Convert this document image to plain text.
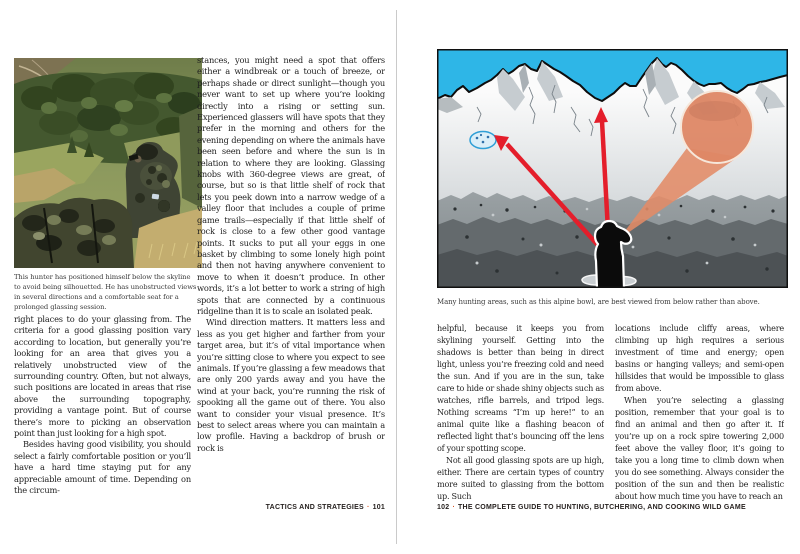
This hunter has positioned himself below the skyline to avoid being silhouetted. He has unobstructed views in several directions and a comfortable seat for a prolonged glassing session.

right places to do your glassing from. The criteria for a good glassing position vary according to location, but generally you’re looking for an area that gives you a relatively unobstructed view of the surrounding country. Often, but not always, such positions are located in areas that rise above the surrounding topography, providing a vantage point. But of course there’s more to picking an observation point than just looking for a high spot.

Besides having good visibility, you should select a fairly comfortable position or you’ll have a hard time staying put for any appreciable amount of time. Depending on the circum-

stances, you might need a spot that offers either a windbreak or a touch of breeze, or perhaps shade or direct sunlight—though you never want to set up where you’re looking directly into a rising or setting sun. Experienced glassers will have spots that they prefer in the morning and others for the evening depending on where the animals have been seen before and where the sun is in relation to where they are looking. Glassing knobs with 360-degree views are great, of course, but so is that little shelf of rock that lets you peek down into a narrow wedge of a valley floor that includes a couple of prime game trails—especially if that little shelf of rock is close to a few other good vantage points. It sucks to put all your eggs in one basket by climbing to some lonely high point and then not having anywhere convenient to move to when it doesn’t produce. In other words, it’s a lot better to work a string of high spots that are connected by a continuous ridgeline than it is to scale an isolated peak.

Wind direction matters. It matters less and less as you get higher and farther from your target area, but it’s of vital importance when you’re sitting close to where you expect to see animals. If you’re glassing a few meadows that are only 200 yards away and you have the wind at your back, you’re running the risk of spooking all the game out of there. You also want to consider your visual presence. It’s best to select areas where you can maintain a low profile. Having a backdrop of brush or rock is

TACTICS AND STRATEGIES · 101
Many hunting areas, such as this alpine bowl, are best viewed from below rather than above.

helpful, because it keeps you from skylining yourself. Getting into the shadows is better than being in direct light, unless you’re freezing cold and need the sun. And if you are in the sun, take care to hide or shade shiny objects such as watches, rifle barrels, and tripod legs. Nothing screams “I’m up here!” to an animal quite like a flashing beacon of reflected light that’s bouncing off the lens of your spotting scope.

Not all good glassing spots are up high, either. There are certain types of country more suited to glassing from the bottom up. Such

locations include cliffy areas, where climbing up high requires a serious investment of time and energy; open basins or hanging valleys; and semi-open hillsides that would be impossible to glass from above.

When you’re selecting a glassing position, remember that your goal is to find an animal and then go after it. If you’re up on a rock spire towering 2,000 feet above the valley floor, it’s going to take you a long time to climb down when you do see something. Always consider the position of the sun and then be realistic about how much time you have to reach an

102 · THE COMPLETE GUIDE TO HUNTING, BUTCHERING, AND COOKING WILD GAME
